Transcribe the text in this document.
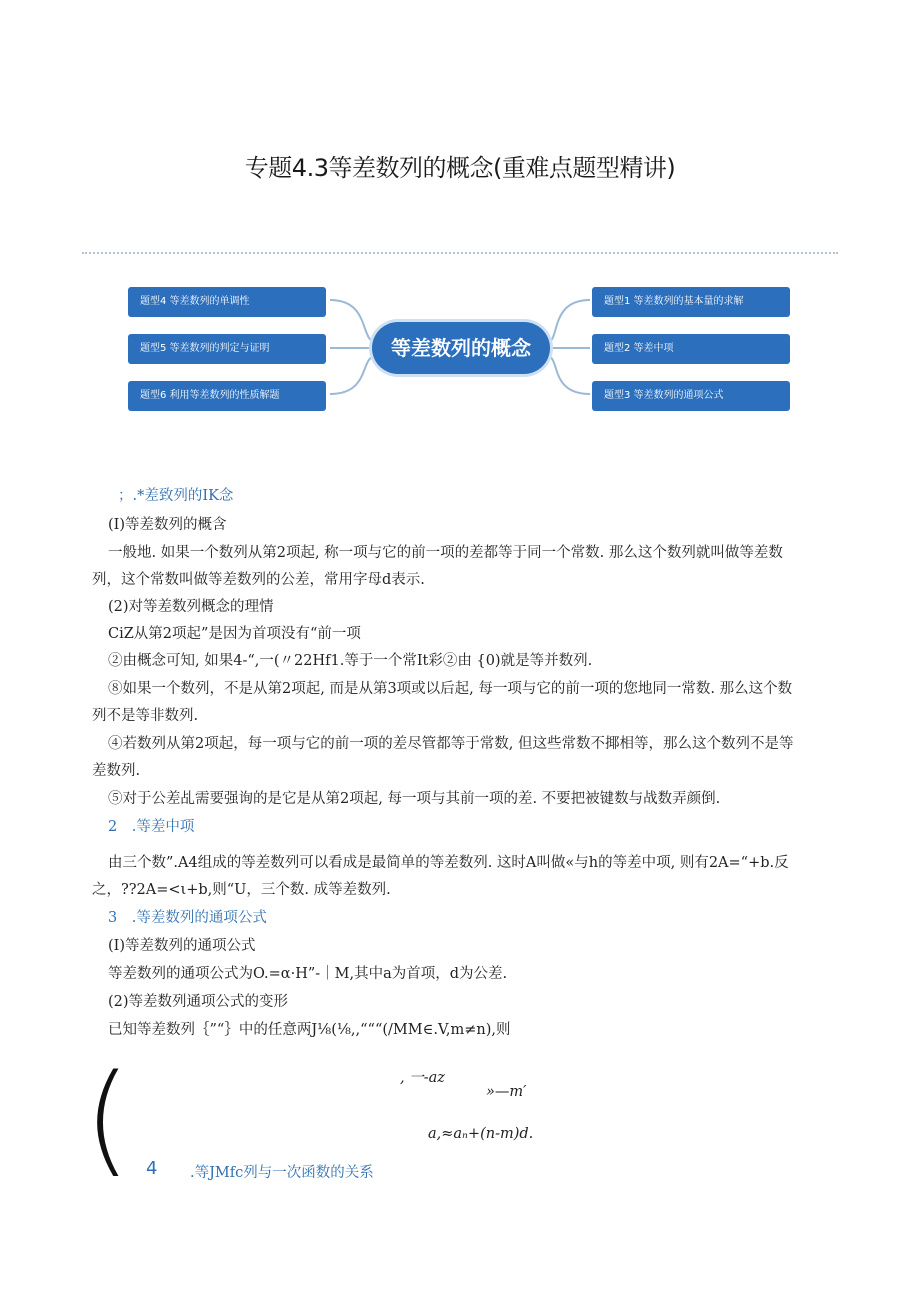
专题4.3等差数列的概念(重难点题型精讲)
题型4 等差数列的单调性
题型5 等差数列的判定与证明
题型6 利用等差数列的性质解题
等差数列的概念
题型1 等差数列的基本量的求解
题型2 等差中项
题型3 等差数列的通项公式
；.*差致列的IK念
(I)等差数列的概含
一般地. 如果一个数列从第2项起, 称一项与它的前一项的差都等于同一个常数. 那么这个数列就叫做等差数
列，这个常数叫做等差数列的公差，常用字母d表示.
(2)对等差数列概念的理情
CiZ从第2项起”是因为首项没有“前一项
②由概念可知, 如果4-“,一(〃22Hf1.等于一个常It彩②由 {0)就是等并数列.
⑧如果一个数列，不是从第2项起, 而是从第3项或以后起, 每一项与它的前一项的您地同一常数. 那么这个数
列不是等非数列.
④若数列从第2项起，每一项与它的前一项的差尽管都等于常数, 但这些常数不揶相等，那么这个数列不是等
差数列.
⑤对于公差乩需要强询的是它是从第2项起, 每一项与其前一项的差. 不要把被键数与战数弄颜倒.
2　.等差中项
由三个数”.A4组成的等差数列可以看成是最简单的等差数列. 这时A叫做«与h的等差中项, 则有2A=“+b.反
之，??2A=<ι+b,则“U，三个数. 成等差数列.
3　.等差数列的通项公式
(I)等差数列的通项公式
等差数列的通项公式为O.=α·H”-｜M,其中a为首项，d为公差.
(2)等差数列通项公式的变形
已知等差数列｛”“｝中的任意两J⅛(⅛,,“““(/MM∈.V,m≠n),则
, 一-az
»—m′
a,≈aₙ+(n-m)d.
( 4 .等JMfc列与一次函数的关系
